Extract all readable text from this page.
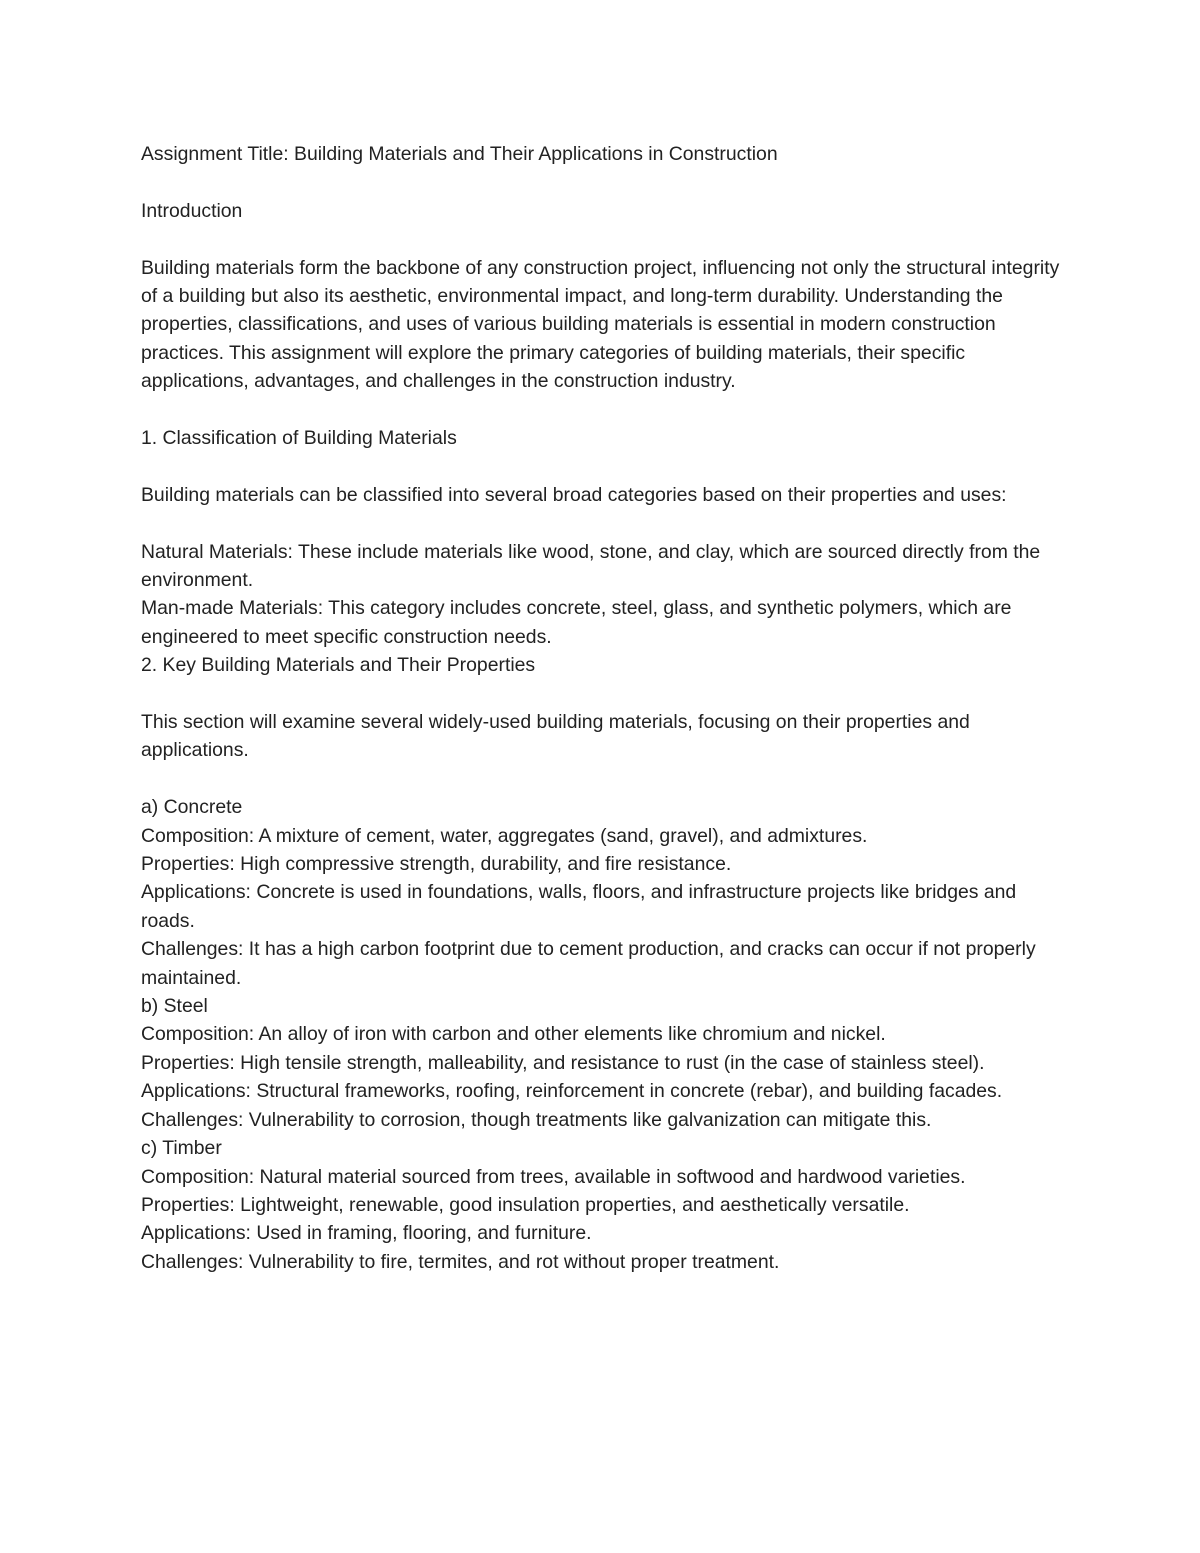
Assignment Title: Building Materials and Their Applications in Construction

Introduction

Building materials form the backbone of any construction project, influencing not only the structural integrity of a building but also its aesthetic, environmental impact, and long-term durability. Understanding the properties, classifications, and uses of various building materials is essential in modern construction practices. This assignment will explore the primary categories of building materials, their specific applications, advantages, and challenges in the construction industry.

1. Classification of Building Materials

Building materials can be classified into several broad categories based on their properties and uses:

Natural Materials: These include materials like wood, stone, and clay, which are sourced directly from the environment.

Man-made Materials: This category includes concrete, steel, glass, and synthetic polymers, which are engineered to meet specific construction needs.

2. Key Building Materials and Their Properties

This section will examine several widely-used building materials, focusing on their properties and applications.

a) Concrete

Composition: A mixture of cement, water, aggregates (sand, gravel), and admixtures.

Properties: High compressive strength, durability, and fire resistance.

Applications: Concrete is used in foundations, walls, floors, and infrastructure projects like bridges and roads.

Challenges: It has a high carbon footprint due to cement production, and cracks can occur if not properly maintained.

b) Steel

Composition: An alloy of iron with carbon and other elements like chromium and nickel.

Properties: High tensile strength, malleability, and resistance to rust (in the case of stainless steel).

Applications: Structural frameworks, roofing, reinforcement in concrete (rebar), and building facades.

Challenges: Vulnerability to corrosion, though treatments like galvanization can mitigate this.

c) Timber

Composition: Natural material sourced from trees, available in softwood and hardwood varieties.

Properties: Lightweight, renewable, good insulation properties, and aesthetically versatile.

Applications: Used in framing, flooring, and furniture.

Challenges: Vulnerability to fire, termites, and rot without proper treatment.
